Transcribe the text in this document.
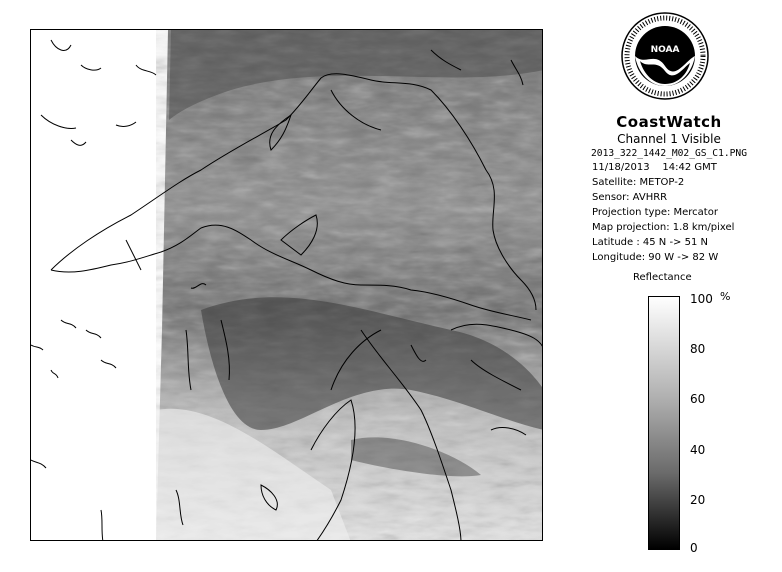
NOAA
CoastWatch
Channel 1 Visible
2013_322_1442_M02_GS_C1.PNG
11/18/2013 14:42 GMT
Satellite: METOP-2
Sensor: AVHRR
Projection type: Mercator
Map projection: 1.8 km/pixel
Latitude : 45 N -> 51 N
Longitude: 90 W -> 82 W
Reflectance
%
100
80
60
40
20
0
